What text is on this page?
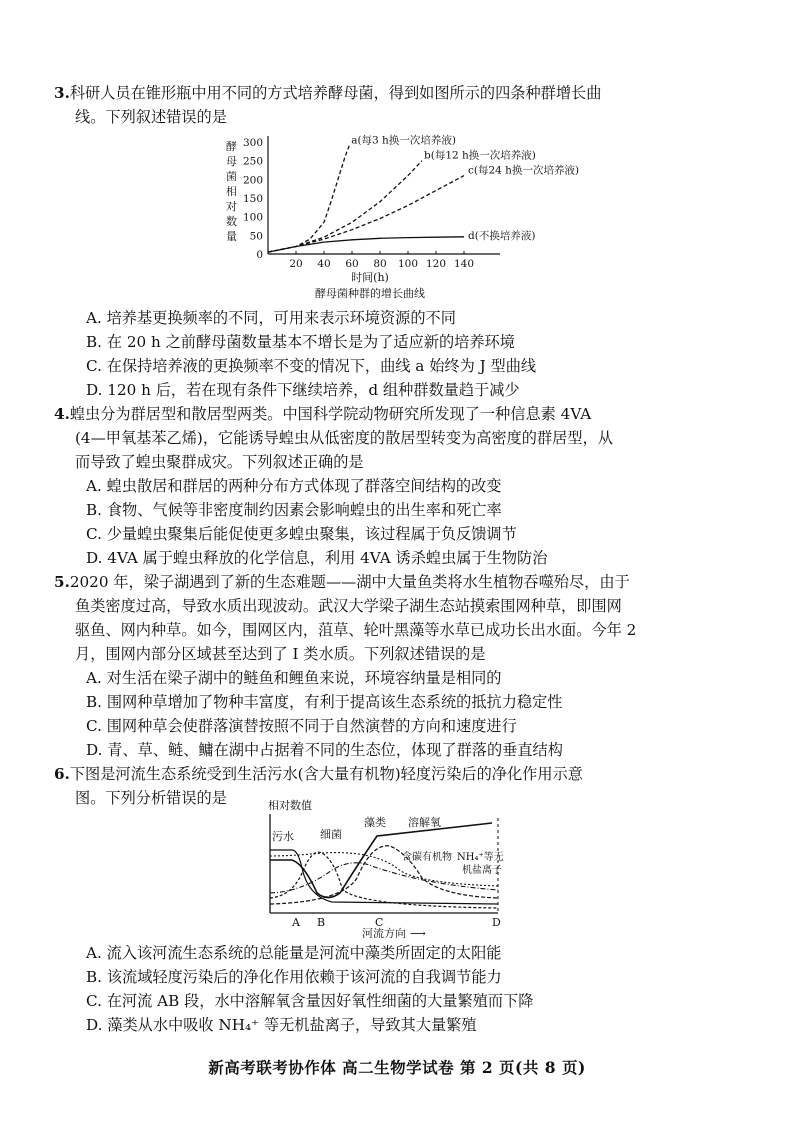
3.科研人员在锥形瓶中用不同的方式培养酵母菌，得到如图所示的四条种群增长曲

线。下列叙述错误的是

酵
母
菌
相
对
数
量
0
50
100
150
200
250
300
20 40 60 80 100 120 140
时间(h)
酵母菌种群的增长曲线
a(每3 h换一次培养液)
b(每12 h换一次培养液)
c(每24 h换一次培养液)
d(不换培养液)

A. 培养基更换频率的不同，可用来表示环境资源的不同

B. 在 20 h 之前酵母菌数量基本不增长是为了适应新的培养环境

C. 在保持培养液的更换频率不变的情况下，曲线 a 始终为 J 型曲线

D. 120 h 后，若在现有条件下继续培养，d 组种群数量趋于减少

4.蝗虫分为群居型和散居型两类。中国科学院动物研究所发现了一种信息素 4VA

(4—甲氧基苯乙烯)，它能诱导蝗虫从低密度的散居型转变为高密度的群居型，从

而导致了蝗虫聚群成灾。下列叙述正确的是

A. 蝗虫散居和群居的两种分布方式体现了群落空间结构的改变

B. 食物、气候等非密度制约因素会影响蝗虫的出生率和死亡率

C. 少量蝗虫聚集后能促使更多蝗虫聚集，该过程属于负反馈调节

D. 4VA 属于蝗虫释放的化学信息，利用 4VA 诱杀蝗虫属于生物防治

5.2020 年，梁子湖遇到了新的生态难题——湖中大量鱼类将水生植物吞噬殆尽，由于

鱼类密度过高，导致水质出现波动。武汉大学梁子湖生态站摸索围网种草，即围网

驱鱼、网内种草。如今，围网区内，菹草、轮叶黑藻等水草已成功长出水面。今年 2

月，围网内部分区域甚至达到了 Ⅰ 类水质。下列叙述错误的是

A. 对生活在梁子湖中的鲢鱼和鲤鱼来说，环境容纳量是相同的

B. 围网种草增加了物种丰富度，有利于提高该生态系统的抵抗力稳定性

C. 围网种草会使群落演替按照不同于自然演替的方向和速度进行

D. 青、草、鲢、鳙在湖中占据着不同的生态位，体现了群落的垂直结构

6.下图是河流生态系统受到生活污水(含大量有机物)轻度污染后的净化作用示意

图。下列分析错误的是	相对数值
污水 细菌
藻类 溶解氧
含碳有机物 NH₄⁺等无
机盐离子
A B	C	D
河流方向 ⟶

A. 流入该河流生态系统的总能量是河流中藻类所固定的太阳能

B. 该流域轻度污染后的净化作用依赖于该河流的自我调节能力

C. 在河流 AB 段，水中溶解氧含量因好氧性细菌的大量繁殖而下降

D. 藻类从水中吸收 NH₄⁺ 等无机盐离子，导致其大量繁殖

新高考联考协作体 高二生物学试卷 第 2 页(共 8 页)
